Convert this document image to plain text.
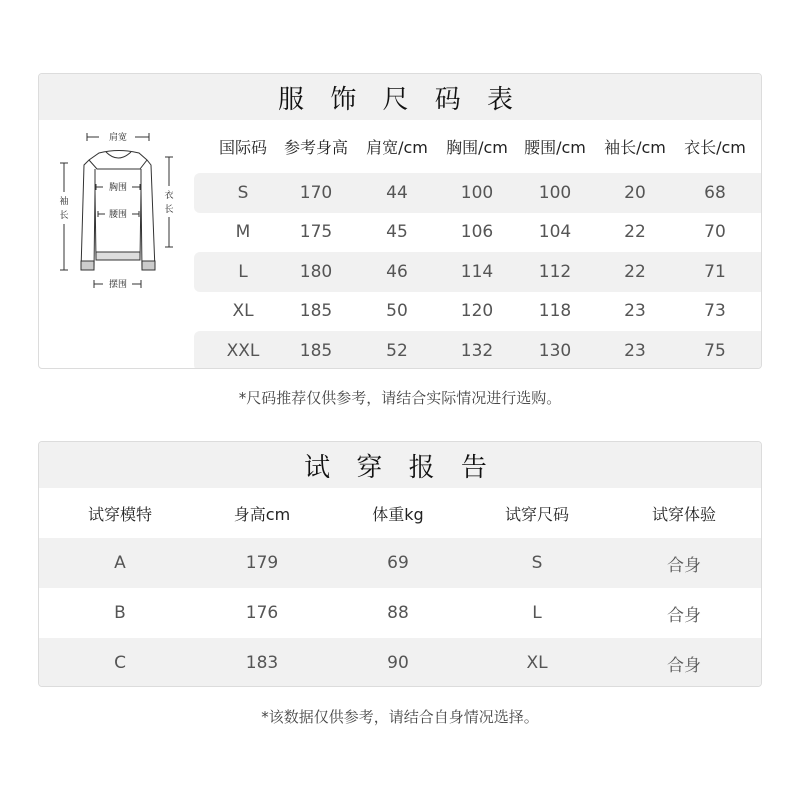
服 饰 尺 码 表
肩宽
胸围
腰围
摆围
袖
长
衣
长
国际码 参考身高 肩宽/cm 胸围/cm 腰围/cm 袖长/cm 衣长/cm
S	170	44	100	100	20	68
M	175	45	106	104	22	70
L	180	46	114	112	22	71
XL	185	50	120	118	23	73
XXL 185	52	132	130	23	75
*尺码推荐仅供参考，请结合实际情况进行选购。
试 穿 报 告
试穿模特	身高cm	体重kg	试穿尺码	试穿体验
A	179	69	S	合身
B	176	88	L	合身
C	183	90	XL	合身
*该数据仅供参考，请结合自身情况选择。
